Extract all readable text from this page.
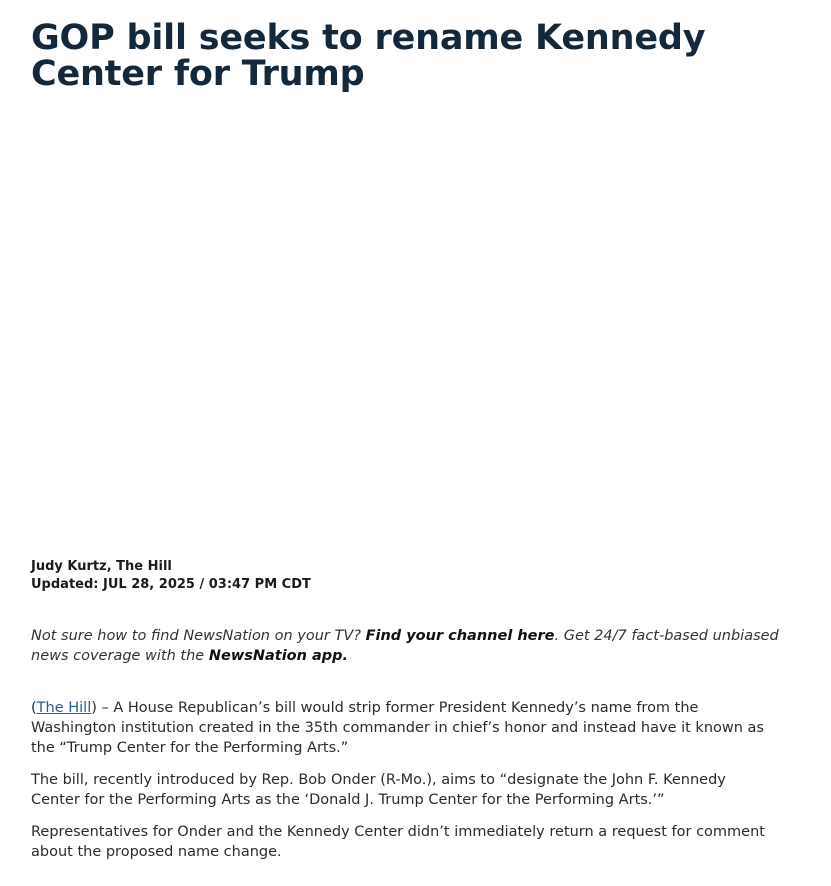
GOP bill seeks to rename Kennedy Center for Trump
Judy Kurtz, The Hill
Updated: JUL 28, 2025 / 03:47 PM CDT

Not sure how to find NewsNation on your TV? Find your channel here. Get 24/7 fact-based unbiased news coverage with the NewsNation app.

(The Hill) – A House Republican’s bill would strip former President Kennedy’s name from the Washington institution created in the 35th commander in chief’s honor and instead have it known as the “Trump Center for the Performing Arts.”

The bill, recently introduced by Rep. Bob Onder (R-Mo.), aims to “designate the John F. Kennedy Center for the Performing Arts as the ‘Donald J. Trump Center for the Performing Arts.’”

Representatives for Onder and the Kennedy Center didn’t immediately return a request for comment about the proposed name change.
